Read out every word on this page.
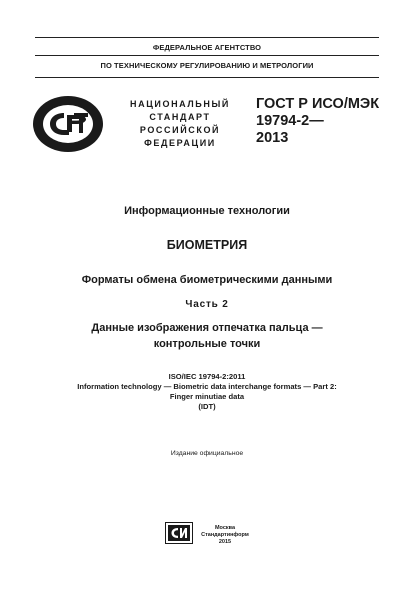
ФЕДЕРАЛЬНОЕ АГЕНТСТВО
ПО ТЕХНИЧЕСКОМУ РЕГУЛИРОВАНИЮ И МЕТРОЛОГИИ
НАЦИОНАЛЬНЫЙ
СТАНДАРТ
РОССИЙСКОЙ
ФЕДЕРАЦИИ
ГОСТ Р ИСО/МЭК
19794-2—
2013
Информационные технологии
БИОМЕТРИЯ
Форматы обмена биометрическими данными
Часть 2
Данные изображения отпечатка пальца —
контрольные точки
ISO/IEC 19794-2:2011
Information technology — Biometric data interchange formats — Part 2:
Finger minutiae data
(IDT)
Издание официальное
Москва
Стандартинформ
2015
